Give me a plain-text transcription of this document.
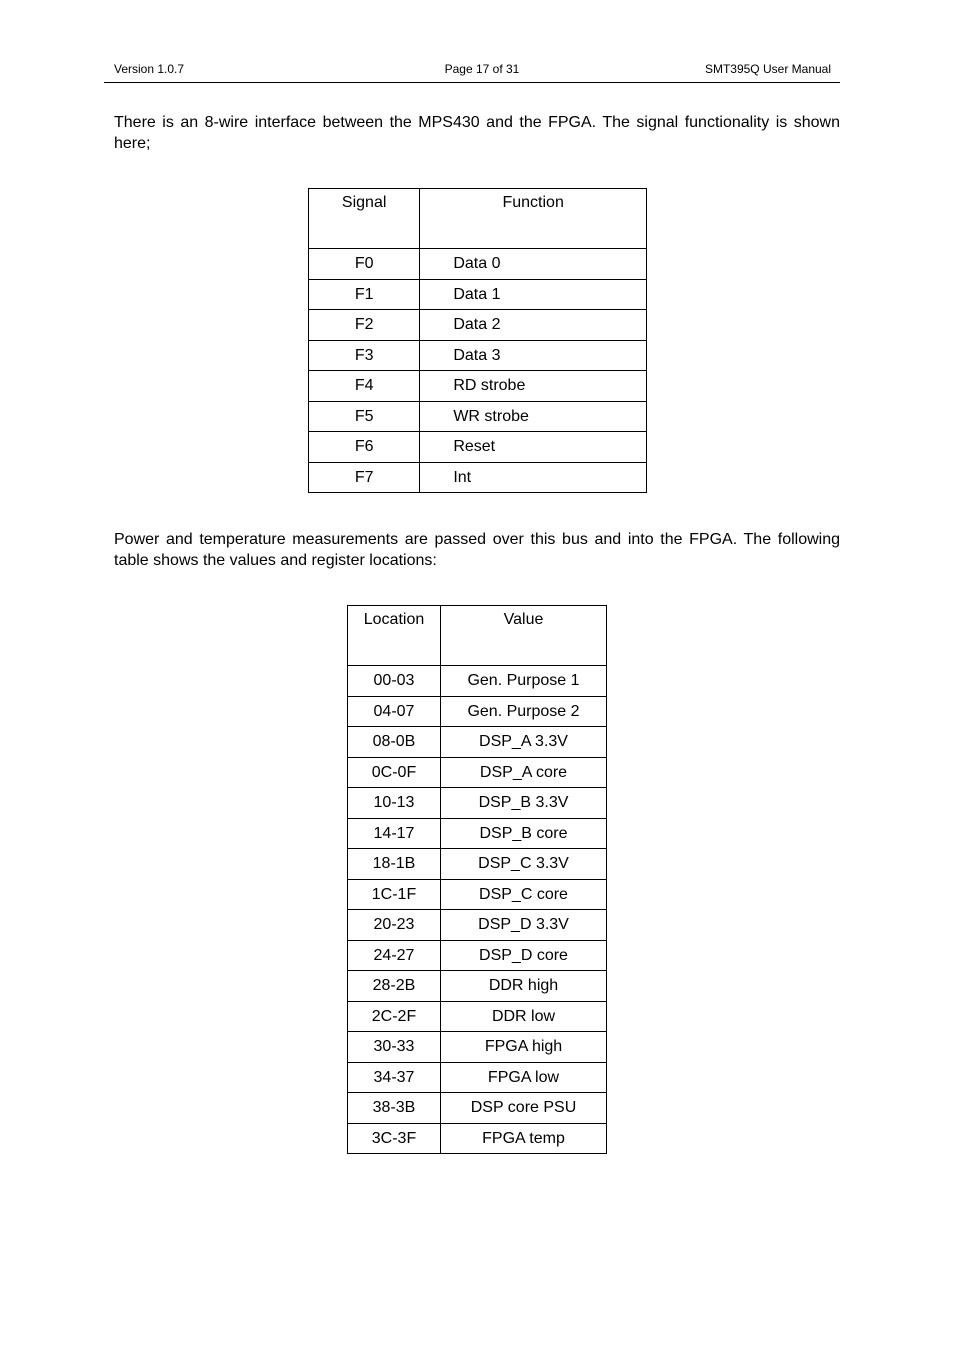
Version 1.0.7	Page 17 of 31	SMT395Q User Manual

There is an 8-wire interface between the MPS430 and the FPGA. The signal functionality is shown here;

Signal	Function
F0	Data 0
F1	Data 1
F2	Data 2
F3	Data 3
F4	RD strobe
F5	WR strobe
F6	Reset
F7	Int

Power and temperature measurements are passed over this bus and into the FPGA. The following table shows the values and register locations:

Location	Value
00-03	Gen. Purpose 1
04-07	Gen. Purpose 2
08-0B	DSP_A 3.3V
0C-0F	DSP_A core
10-13	DSP_B 3.3V
14-17	DSP_B core
18-1B	DSP_C 3.3V
1C-1F	DSP_C core
20-23	DSP_D 3.3V
24-27	DSP_D core
28-2B	DDR high
2C-2F	DDR low
30-33	FPGA high
34-37	FPGA low
38-3B	DSP core PSU
3C-3F	FPGA temp
